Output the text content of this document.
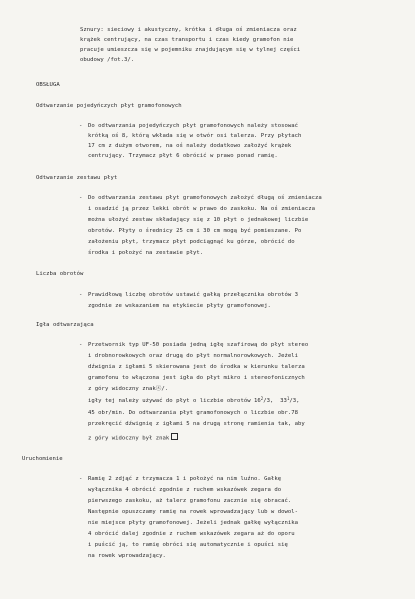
Sznury: sieciowy i akustyczny, krótka i długa oś zmieniacza oraz
krążek centrujący, na czas transportu i czas kiedy gramofon nie
pracuje umieszcza się w pojemniku znajdującym się w tylnej części
obudowy /fot.3/.
OBSŁUGA
Odtwarzanie pojedyńczych płyt gramofonowych
- Do odtwarzania pojedyńczych płyt gramofonowych należy stosować
krótką oś 8, którą wkłada się w otwór osi talerza. Przy płytach
17 cm z dużym otworem, na oś należy dodatkowo założyć krążek
centrujący. Trzymacz płyt 6 obrócić w prawo ponad ramię.
Odtwarzanie zestawu płyt
- Do odtwarzania zestawu płyt gramofonowych założyć długą oś zmieniacza
i osadzić ją przez lekki obrót w prawo do zaskoku. Na oś zmieniacza
można ułożyć zestaw składający się z 10 płyt o jednakowej liczbie
obrotów. Płyty o średnicy 25 cm i 30 cm mogą być pomieszane. Po
założeniu płyt, trzymacz płyt podciągnąć ku górze, obrócić do
środka i położyć na zestawie płyt.
Liczba obrotów
- Prawidłową liczbę obrotów ustawić gałką przełącznika obrotów 3
zgodnie ze wskazaniem na etykiecie płyty gramofonowej.
Igła odtwarzająca
- Przetwornik typ UF-50 posiada jedną igłę szafirową do płyt stereo
i drobnorowkowych oraz drugą do płyt normalnorowkowych. Jeżeli
dźwignia z igłami 5 skierowana jest do środka w kierunku talerza
gramofonu to włączona jest igła do płyt mikro i stereofonicznych
z góry widoczny znakⓢ/.
igły tej należy używać do płyt o liczbie obrotów $16^2/3$,  $33^1/3$,
45 obr/min. Do odtwarzania płyt gramofonowych o liczbie obr.78
przekręcić dźwignię z igłami 5 na drugą stronę ramienia tak, aby
z góry widoczny był znak
Uruchomienie
- Ramię 2 zdjąć z trzymacza 1 i położyć na nim luźno. Gałkę
wyłącznika 4 obrócić zgodnie z ruchem wskazówek zegara do
pierwszego zaskoku, aż talerz gramofonu zacznie się obracać.
Następnie opuszczamy ramię na rowek wprowadzający lub w dowol-
nie miejsce płyty gramofonowej. Jeżeli jednak gałkę wyłącznika
4 obrócić dalej zgodnie z ruchem wskazówek zegara aż do oporu
i puścić ją, to ramię obróci się automatycznie i opuści się
na rowek wprowadzający.
